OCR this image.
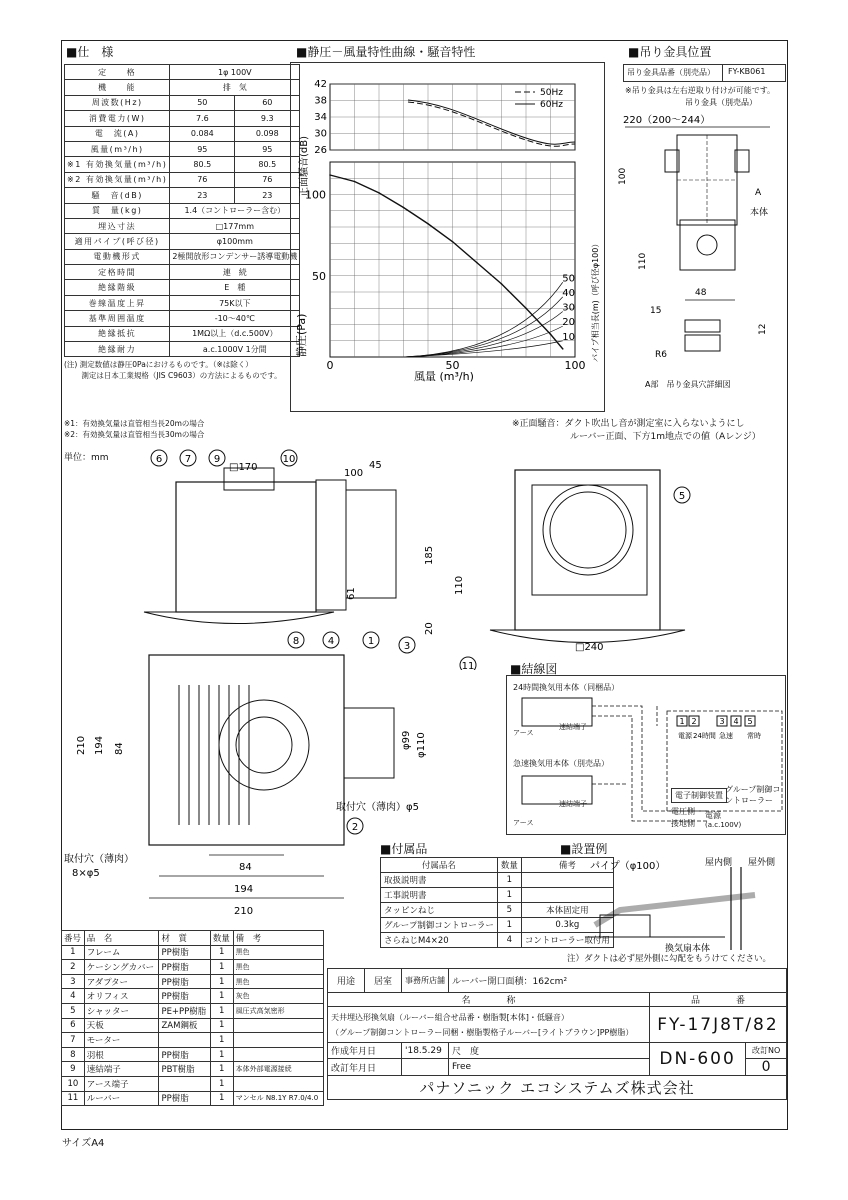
■仕　様
定　　格	1φ 100V	
機　　能	排　気	
周波数(Hz)	50	60
消費電力(W)	7.6	9.3
電　流(A)	0.084	0.098
風量(m³/h)	95	95
※1 有効換気量(m³/h)	80.5	80.5
※2 有効換気量(m³/h)	76	76
騒　音(dB)	23	23
質　量(kg)	1.4（コントローラー含む）	
埋込寸法	□177mm	
適用パイプ(呼び径)	φ100mm	
電動機形式	2極開放形コンデンサー誘導電動機	
定格時間	連　続	
絶縁階級	E　種	
巻線温度上昇	75K以下	
基準周囲温度	-10～40℃	
絶縁抵抗	1MΩ以上（d.c.500V）	
絶縁耐力	a.c.1000V 1分間	
(注) 測定数値は静圧0Paにおけるものです。（※は除く）
　　 測定は日本工業規格（JIS C9603）の方法によるものです。
※1：有効換気量は直管相当長20mの場合
※2：有効換気量は直管相当長30mの場合
■静圧－風量特性曲線・騒音特性
42
38
34
30
26
100
50
0	50	100
50
40
30
20
10
正面騒音(dB)
静圧(Pa)
風量 (m³/h)
パイプ相当長(m)（呼び径φ100）
50Hz
60Hz
※正面騒音：ダクト吹出し音が測定室に入らないようにし
ルーバー正面、下方1m地点での値（Aレンジ）
■吊り金具位置
吊り金具品番（別売品） FY-KB061
※吊り金具は左右逆取り付けが可能です。
吊り金具（別売品）
220（200～244）
100
本体
A
110
48
15
12
R6
A部　吊り金具穴詳細図
単位：mm	6 7 9	10
□170
100
45
61
210 194 84	φ99 φ110
84
194
210
8	4	1	3
2
取付穴（薄肉）φ5
取付穴（薄肉）
8×φ5
5
11
185
110
20
□240
■結線図
24時間換気用本体（同梱品）
急速換気用本体（別売品）
アース
アース
速結端子
速結端子
電子制御装置
グループ制御コントローラー
電圧側
接地側
電源
(a.c.100V)
1 2	3 4 5
電源 24時間 急速 常時
■付属品
付属品名	数量	備考
取扱説明書	1	
工事説明書	1	
タッピンねじ	5	本体固定用
グループ制御コントローラー	1	0.3kg
さらねじM4×20	4	コントローラー取付用
■設置例
パイプ（φ100）	屋内側 屋外側
換気扇本体
注）ダクトは必ず屋外側に勾配をもうけてください。
番号	品　名	材　質	数量	備　考
1	フレーム	PP樹脂	1	黒色
2	ケーシングカバー	PP樹脂	1	黒色
3	アダプター	PP樹脂	1	黒色
4	オリフィス	PP樹脂	1	灰色
5	シャッター	PE+PP樹脂	1	風圧式高気密形
6	天板	ZAM鋼板	1	
7	モーター		1	
8	羽根	PP樹脂	1	
9	速結端子	PBT樹脂	1	本体外部電源接続
10	アース端子		1	
11	ルーバー	PP樹脂	1	マンセル N8.1Y R7.0/4.0
用途	居室	事務所店舗	ルーバー開口面積：162cm²		
名　　　　称				品　　　　番	

天井埋込形換気扇（ルーバー組合せ品番・樹脂製[本体]・低騒音）
（グループ制御コントローラー同梱・樹脂製格子ルーバー[ライトブラウン]PP樹脂）				FY-17J8T/82	
作成年月日		'18.5.29	尺　度	DN-600	改訂NO
改訂年月日			Free		0
パナソニック エコシステムズ株式会社					
サイズA4
